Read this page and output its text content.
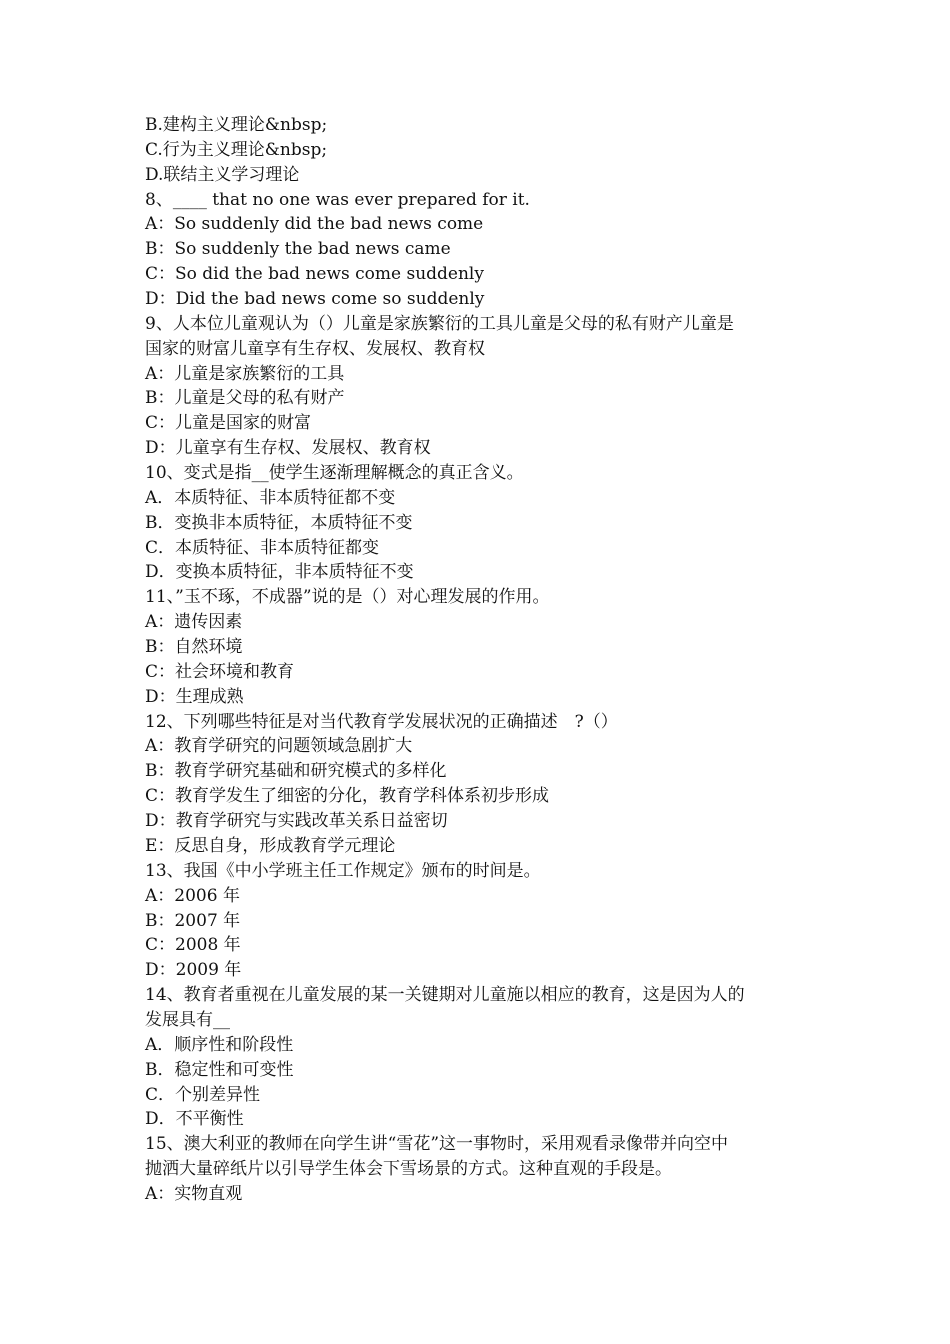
B.建构主义理论&nbsp;
C.行为主义理论&nbsp;
D.联结主义学习理论
8、____ that no one was ever prepared for it.
A：So suddenly did the bad news come
B：So suddenly the bad news came
C：So did the bad news come suddenly
D：Did the bad news come so suddenly
9、人本位儿童观认为（）儿童是家族繁衍的工具儿童是父母的私有财产儿童是
国家的财富儿童享有生存权、发展权、教育权
A：儿童是家族繁衍的工具
B：儿童是父母的私有财产
C：儿童是国家的财富
D：儿童享有生存权、发展权、教育权
10、变式是指__使学生逐渐理解概念的真正含义。
A．本质特征、非本质特征都不变
B．变换非本质特征，本质特征不变
C．本质特征、非本质特征都变
D．变换本质特征，非本质特征不变
11、”玉不琢，不成器”说的是（）对心理发展的作用。
A：遗传因素
B：自然环境
C：社会环境和教育
D：生理成熟
12、下列哪些特征是对当代教育学发展状况的正确描述　?（）
A：教育学研究的问题领域急剧扩大
B：教育学研究基础和研究模式的多样化
C：教育学发生了细密的分化，教育学科体系初步形成
D：教育学研究与实践改革关系日益密切
E：反思自身，形成教育学元理论
13、我国《中小学班主任工作规定》颁布的时间是。
A：2006 年
B：2007 年
C：2008 年
D：2009 年
14、教育者重视在儿童发展的某一关键期对儿童施以相应的教育，这是因为人的
发展具有__
A．顺序性和阶段性
B．稳定性和可变性
C．个别差异性
D．不平衡性
15、澳大利亚的教师在向学生讲“雪花”这一事物时，采用观看录像带并向空中
抛洒大量碎纸片以引导学生体会下雪场景的方式。这种直观的手段是。
A：实物直观
